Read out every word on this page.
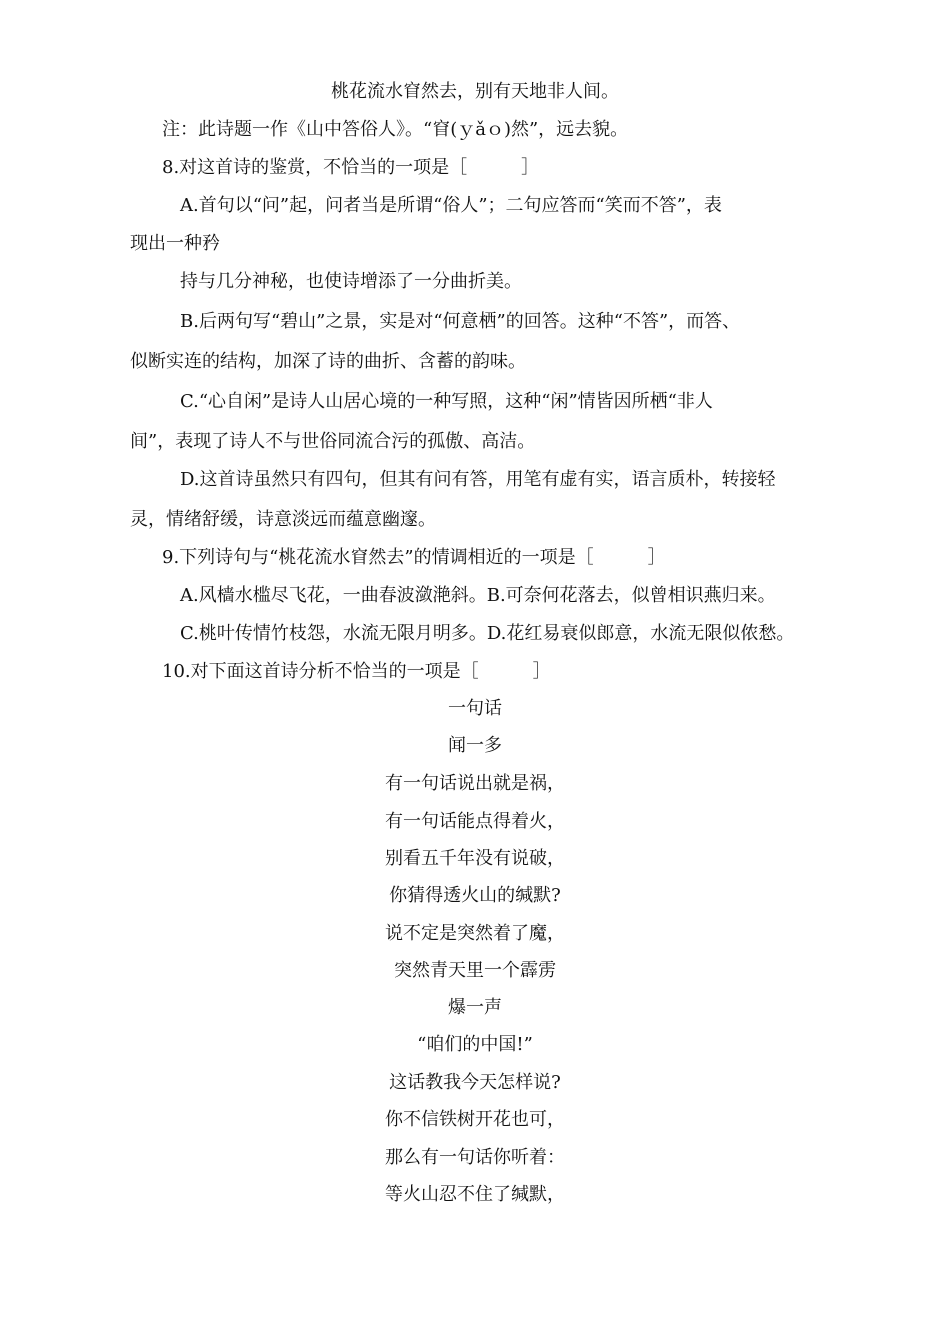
桃花流水窅然去，别有天地非人间。
注：此诗题一作《山中答俗人》。“窅(ｙǎｏ)然”，远去貌。
8.对这首诗的鉴赏，不恰当的一项是［　　　］
A.首句以“问”起，问者当是所谓“俗人”；二句应答而“笑而不答”，表
现出一种矜
持与几分神秘，也使诗增添了一分曲折美。
B.后两句写“碧山”之景，实是对“何意栖”的回答。这种“不答”，而答、
似断实连的结构，加深了诗的曲折、含蓄的韵味。
C.“心自闲”是诗人山居心境的一种写照，这种“闲”情皆因所栖“非人
间”，表现了诗人不与世俗同流合污的孤傲、高洁。
D.这首诗虽然只有四句，但其有问有答，用笔有虚有实，语言质朴，转接轻
灵，情绪舒缓，诗意淡远而蕴意幽邃。
9.下列诗句与“桃花流水窅然去”的情调相近的一项是［　　　］
A.风樯水槛尽飞花，一曲春波潋滟斜。B.可奈何花落去，似曾相识燕归来。
C.桃叶传情竹枝怨，水流无限月明多。D.花红易衰似郎意，水流无限似侬愁。
10.对下面这首诗分析不恰当的一项是［　　　］
一句话
闻一多
有一句话说出就是祸，
有一句话能点得着火，
别看五千年没有说破，
你猜得透火山的缄默?
说不定是突然着了魔，
突然青天里一个霹雳
爆一声
“咱们的中国!”
这话教我今天怎样说?
你不信铁树开花也可，
那么有一句话你听着：
等火山忍不住了缄默，
